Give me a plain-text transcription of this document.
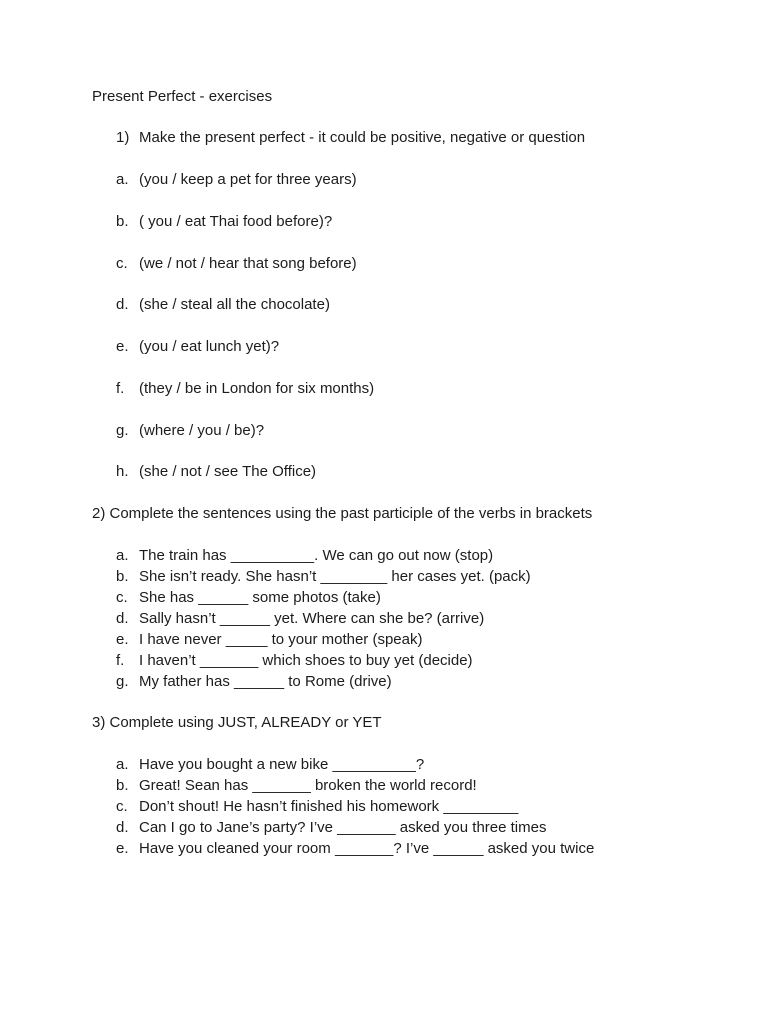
Present Perfect - exercises
1) Make the present perfect - it could be positive, negative or question
a. (you / keep a pet for three years)
b. ( you / eat Thai food before)?
c. (we / not / hear that song before)
d. (she / steal all the chocolate)
e. (you / eat lunch yet)?
f. (they / be in London for six months)
g. (where / you / be)?
h. (she / not / see The Office)
2) Complete the sentences using the past participle of the verbs in brackets
a. The train has __________. We can go out now (stop)
b. She isn’t ready. She hasn’t ________ her cases yet. (pack)
c. She has ______ some photos (take)
d. Sally hasn’t ______ yet. Where can she be? (arrive)
e. I have never _____ to your mother (speak)
f. I haven’t _______ which shoes to buy yet (decide)
g. My father has ______ to Rome (drive)
3) Complete using JUST, ALREADY or YET
a. Have you bought a new bike __________?
b. Great! Sean has _______ broken the world record!
c. Don’t shout! He hasn’t finished his homework _________
d. Can I go to Jane’s party? I’ve _______ asked you three times
e. Have you cleaned your room _______? I’ve ______ asked you twice
